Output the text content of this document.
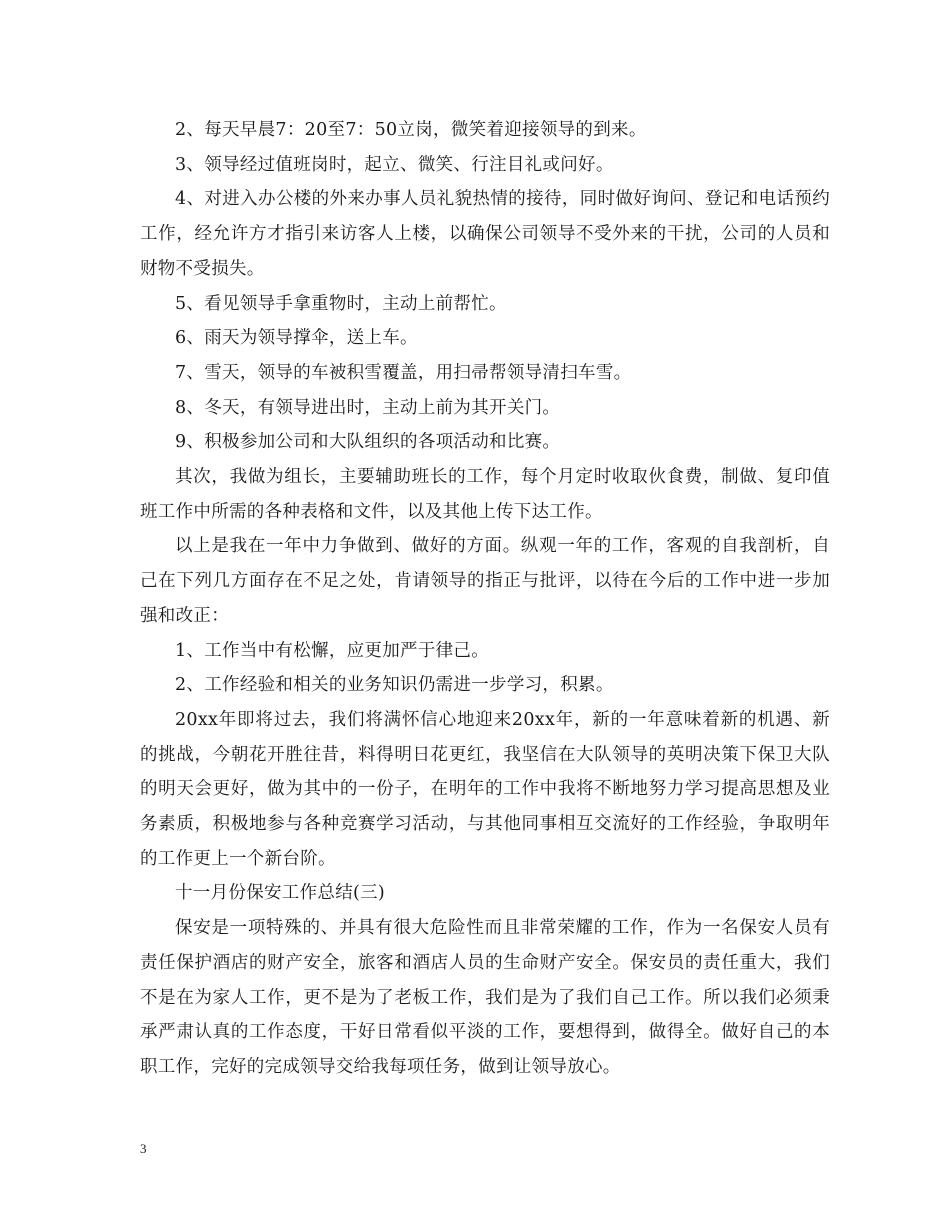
2、每天早晨7：20至7：50立岗，微笑着迎接领导的到来。

3、领导经过值班岗时，起立、微笑、行注目礼或问好。

4、对进入办公楼的外来办事人员礼貌热情的接待，同时做好询问、登记和电话预约工作，经允许方才指引来访客人上楼，以确保公司领导不受外来的干扰，公司的人员和财物不受损失。

5、看见领导手拿重物时，主动上前帮忙。

6、雨天为领导撑伞，送上车。

7、雪天，领导的车被积雪覆盖，用扫帚帮领导清扫车雪。

8、冬天，有领导进出时，主动上前为其开关门。

9、积极参加公司和大队组织的各项活动和比赛。

其次，我做为组长，主要辅助班长的工作，每个月定时收取伙食费，制做、复印值班工作中所需的各种表格和文件，以及其他上传下达工作。

以上是我在一年中力争做到、做好的方面。纵观一年的工作，客观的自我剖析，自己在下列几方面存在不足之处，肯请领导的指正与批评，以待在今后的工作中进一步加强和改正：

1、工作当中有松懈，应更加严于律己。

2、工作经验和相关的业务知识仍需进一步学习，积累。

20xx年即将过去，我们将满怀信心地迎来20xx年，新的一年意味着新的机遇、新的挑战，今朝花开胜往昔，料得明日花更红，我坚信在大队领导的英明决策下保卫大队的明天会更好，做为其中的一份子，在明年的工作中我将不断地努力学习提高思想及业务素质，积极地参与各种竞赛学习活动，与其他同事相互交流好的工作经验，争取明年的工作更上一个新台阶。

十一月份保安工作总结(三)

保安是一项特殊的、并具有很大危险性而且非常荣耀的工作，作为一名保安人员有责任保护酒店的财产安全，旅客和酒店人员的生命财产安全。保安员的责任重大，我们不是在为家人工作，更不是为了老板工作，我们是为了我们自己工作。所以我们必须秉承严肃认真的工作态度，干好日常看似平淡的工作，要想得到，做得全。做好自己的本职工作，完好的完成领导交给我每项任务，做到让领导放心。

3
